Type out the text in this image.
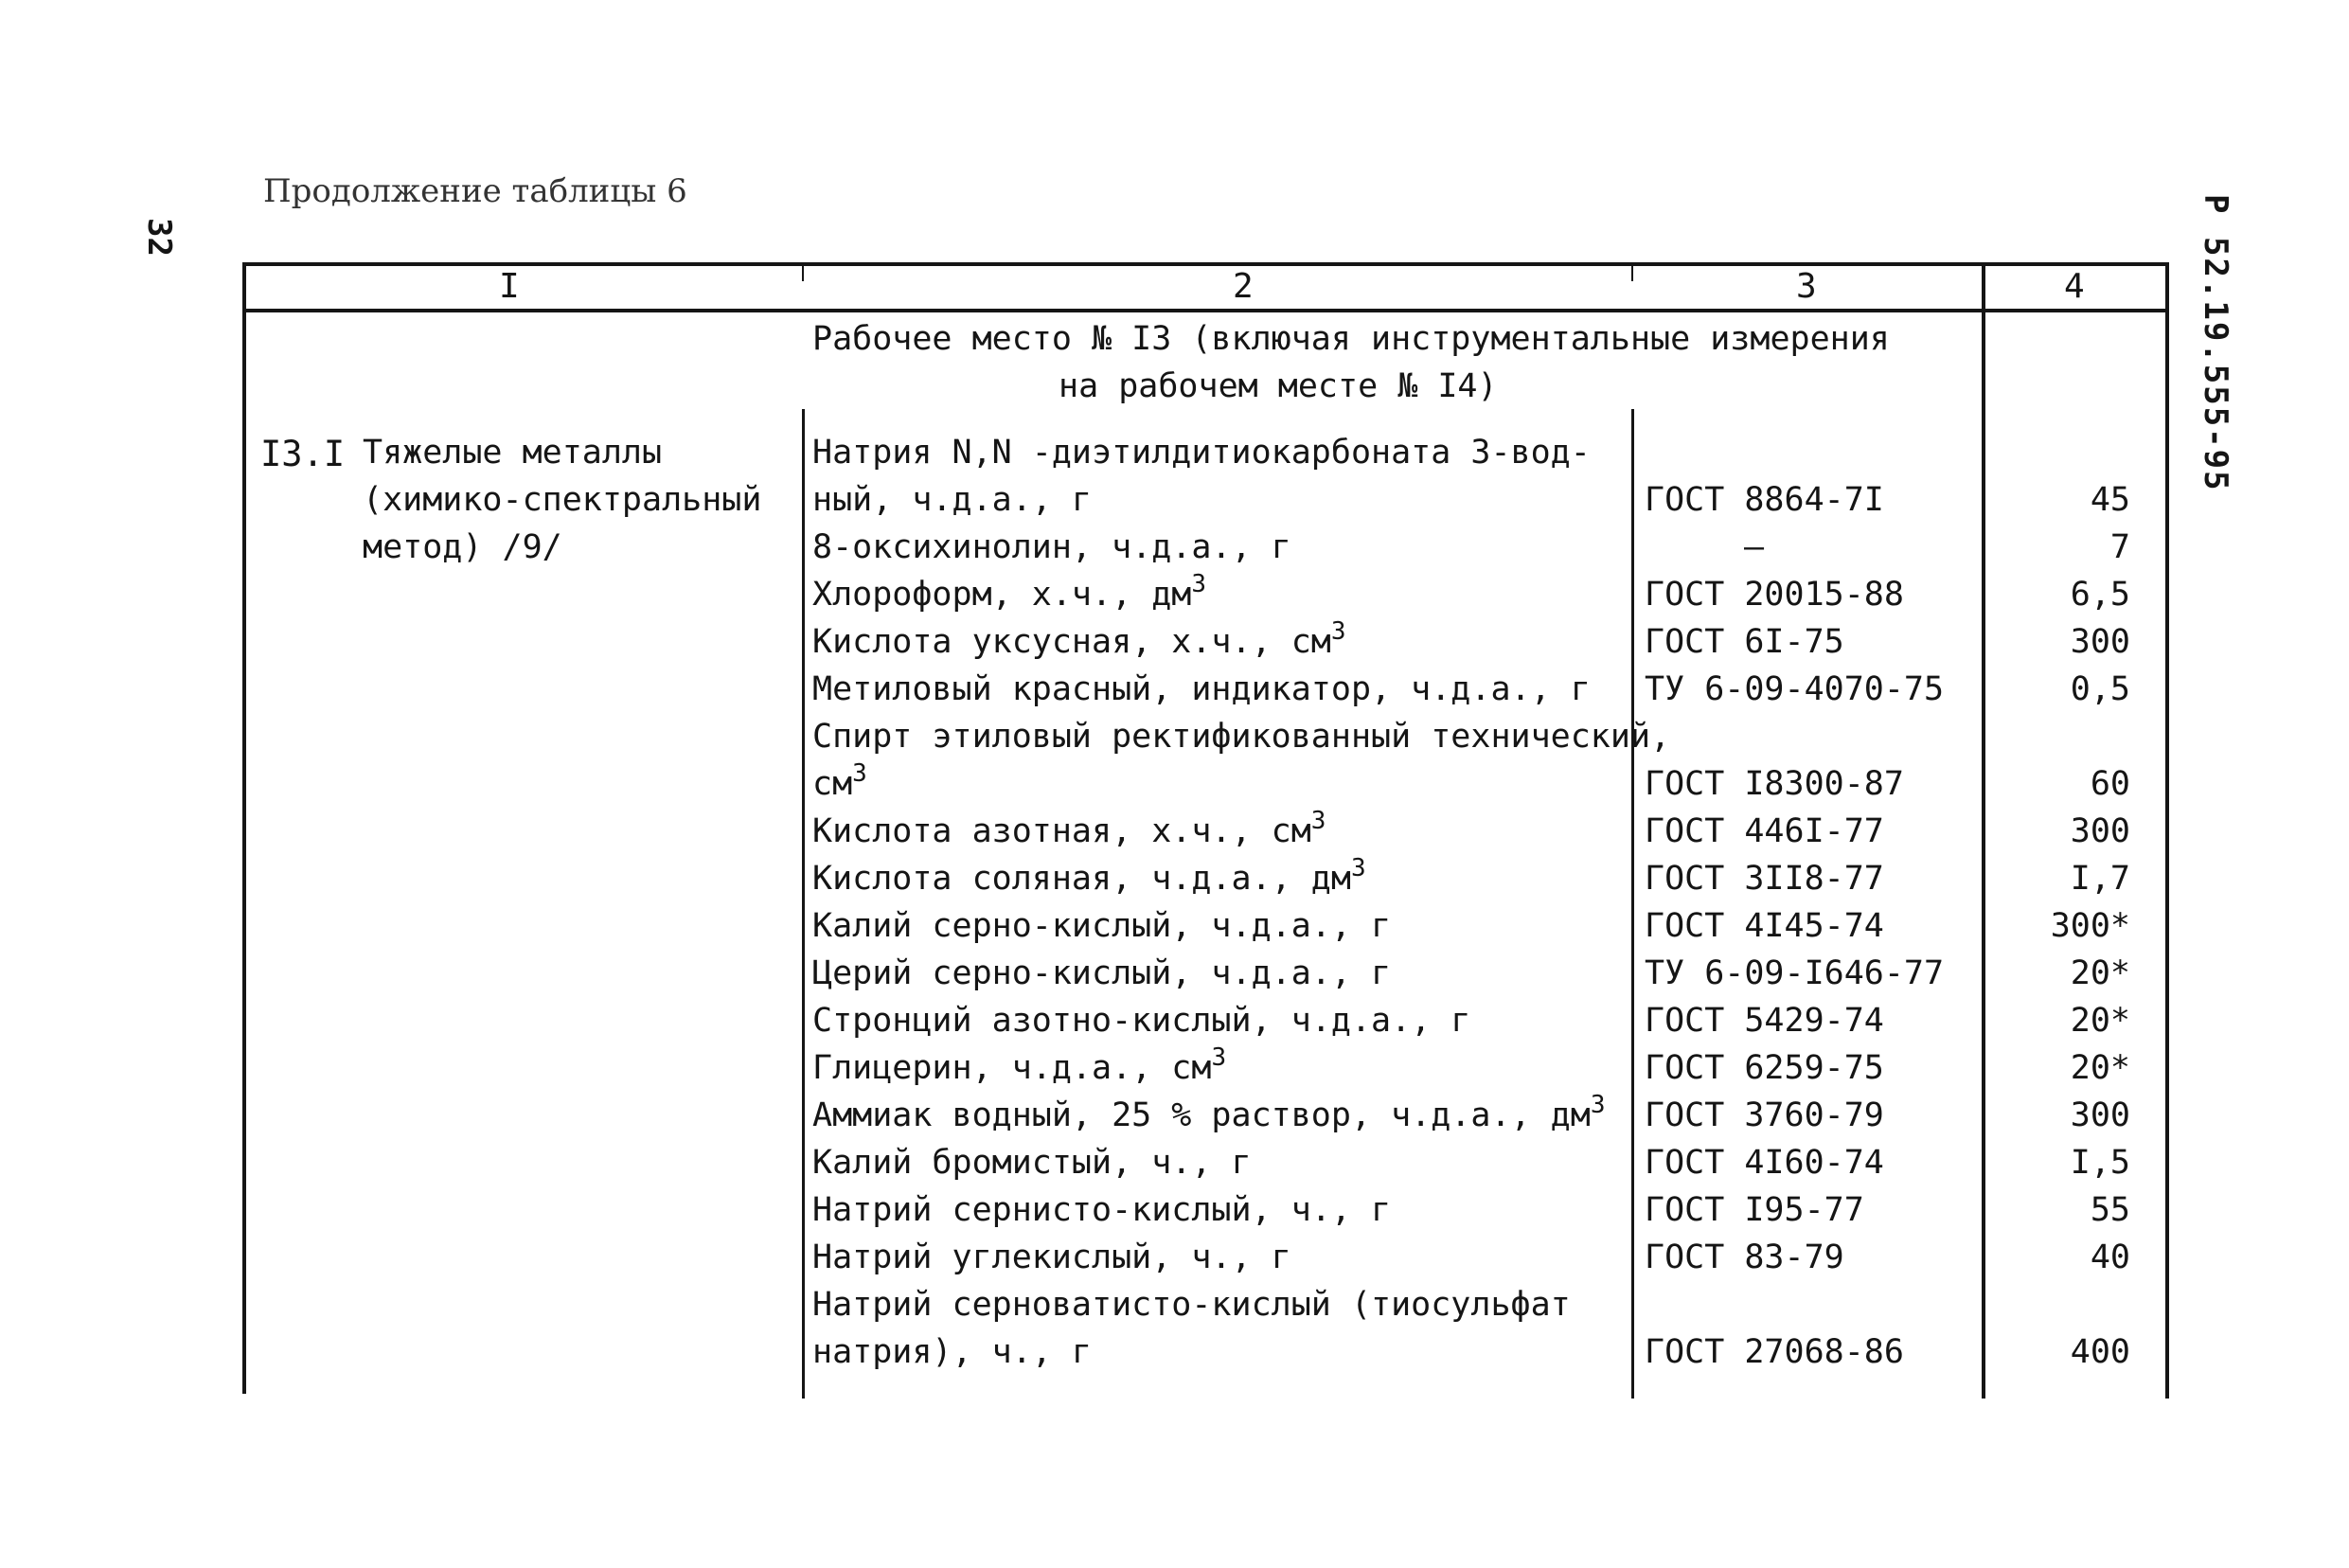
Продолжение таблицы 6
32	Р 52.19.555-95
I	2	3	4
Рабочее место № I3 (включая инструментальные измерения
на рабочем месте № I4)
I3.I Тяжелые металлы
(химико-спектральный
метод) /9/
Натрия N,N -диэтилдитиокарбоната 3-вод-
ный, ч.д.а., г	ГОСТ 8864-7I	45
8-оксихинолин, ч.д.а., г	—	7
Хлороформ, х.ч., $дм^3$	ГОСТ 20015-88	6,5
Кислота уксусная, х.ч., $см^3$	ГОСТ 6I-75	300
Метиловый красный, индикатор, ч.д.а., г ТУ 6-09-4070-75	0,5
Спирт этиловый ректификованный технический,
$см^3$	ГОСТ I8300-87	60
Кислота азотная, х.ч., $см^3$	ГОСТ 446I-77	300
Кислота соляная, ч.д.а., $дм^3$	ГОСТ 3II8-77	I,7
Калий серно-кислый, ч.д.а., г	ГОСТ 4I45-74	300*
Церий серно-кислый, ч.д.а., г	ТУ 6-09-I646-77	20*
Стронций азотно-кислый, ч.д.а., г	ГОСТ 5429-74	20*
Глицерин, ч.д.а., $см^3$	ГОСТ 6259-75	20*
Аммиак водный, 25 % раствор, ч.д.а., $дм^3$ ГОСТ 3760-79	300
Калий бромистый, ч., г	ГОСТ 4I60-74	I,5
Натрий сернисто-кислый, ч., г	ГОСТ I95-77	55
Натрий углекислый, ч., г	ГОСТ 83-79	40
Натрий серноватисто-кислый (тиосульфат
натрия), ч., г	ГОСТ 27068-86	400
